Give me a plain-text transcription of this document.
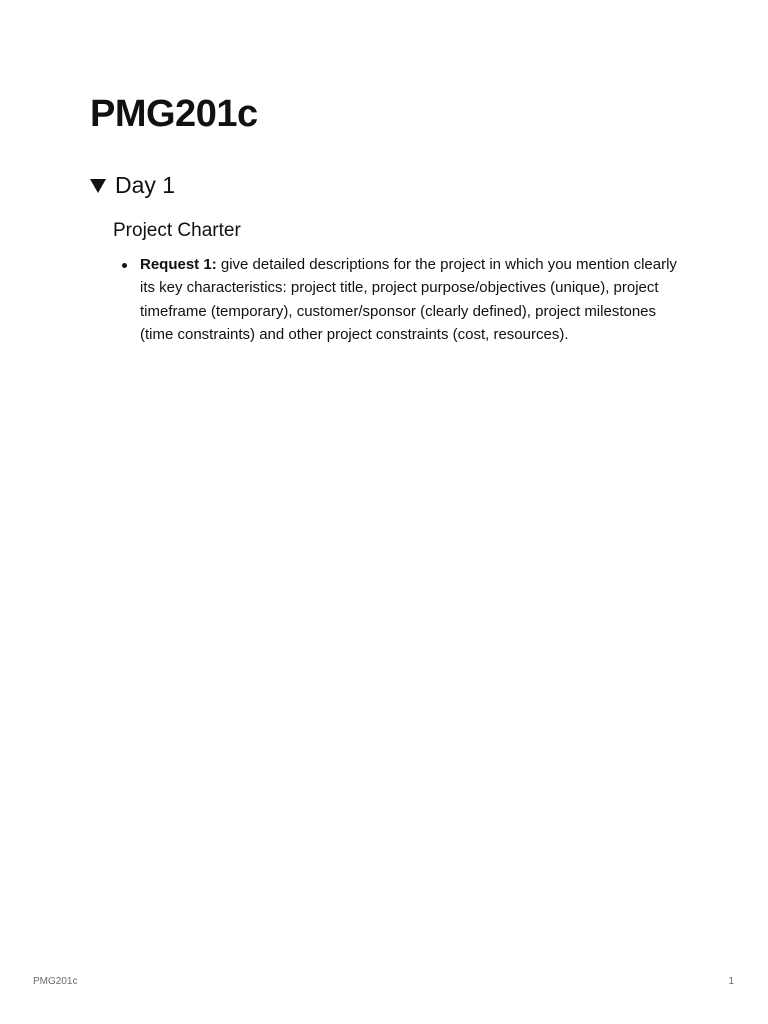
PMG201c
Day 1
Project Charter
Request 1: give detailed descriptions for the project in which you mention clearly its key characteristics: project title, project purpose/objectives (unique), project timeframe (temporary), customer/sponsor (clearly defined), project milestones (time constraints) and other project constraints (cost, resources).
PMG201c	1
